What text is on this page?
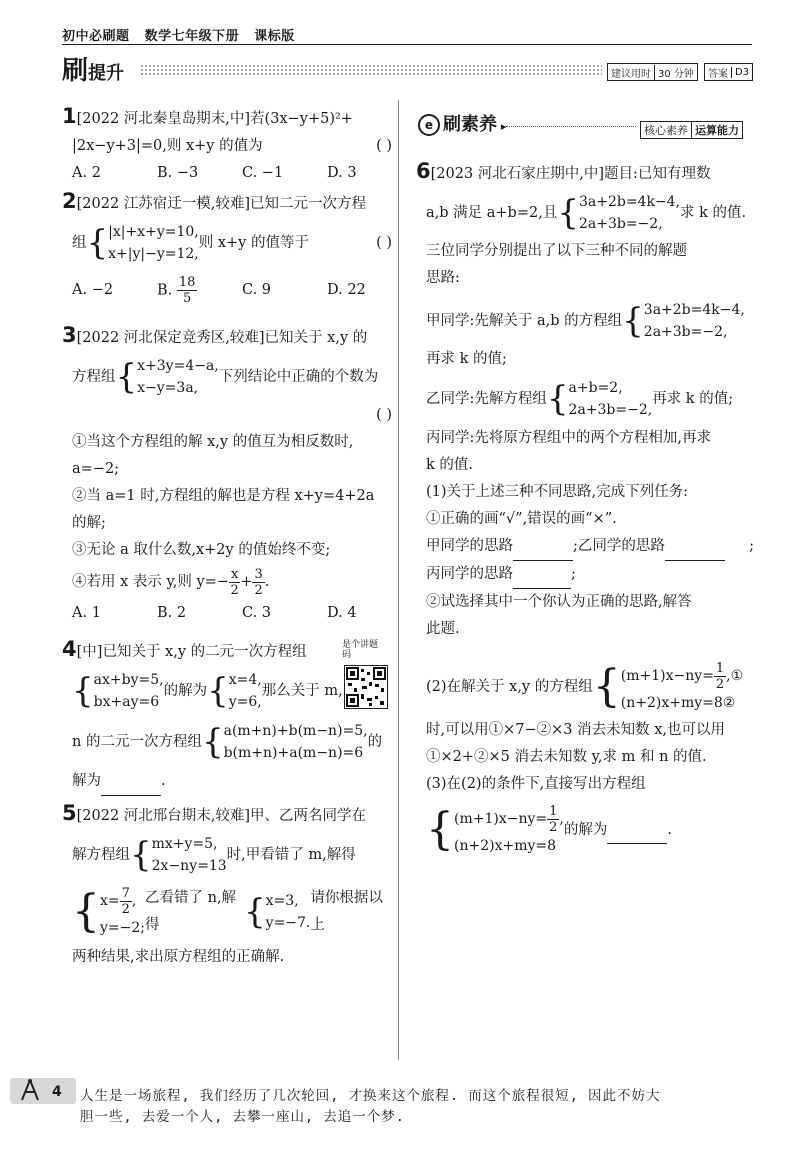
初中必刷题 数学七年级下册 课标版
刷提升	建议用时 30 分钟	答案 D3
1[2022 河北秦皇岛期末,中]若(3x−y+5)²+
|2x−y+3|=0,则 x+y 的值为	( )
A. 2	B. −3	C. −1	D. 3
2[2022 江苏宿迁一模,较难]已知二元一次方程
组 { |x|+x+y=10,
x+|y|−y=12,
则 x+y 的值等于	( )
A. −2	B. $\frac{18}{5}$	C. 9	D. 22
3[2022 河北保定竞秀区,较难]已知关于 x,y 的
方程组 { x+3y=4−a,
x−y=3a,
下列结论中正确的个数为
( )
①当这个方程组的解 x,y 的值互为相反数时,
a=−2;
②当 a=1 时,方程组的解也是方程 x+y=4+2a
的解;
③无论 a 取什么数,x+2y 的值始终不变;
④若用 x 表示 y,则 $y=- \frac{x}{2} + \frac{3}{2}$ .
A. 1	B. 2	C. 3	D. 4
是个讲题码
4[中]已知关于 x,y 的二元一次方程组
{ ax+by=5,
bx+ay=6
的解为 { x=4,
y=6,
那么关于 m,
n 的二元一次方程组 { a(m+n)+b(m−n)=5,
b(m+n)+a(m−n)=6
的
解为	.
5[2022 河北邢台期末,较难]甲、乙两名同学在
解方程组 { mx+y=5,
2x−ny=13
时,甲看错了 m,解得
{ $x= \frac{7}{2}$ ,
y=−2;
乙看错了 n,解得	{ x=3,
y=−7.
请你根据以上
两种结果,求出原方程组的正确解.
e 刷素养 ▸	核心素养 运算能力
6[2023 河北石家庄期中,中]题目:已知有理数
a,b 满足 a+b=2,且 { 3a+2b=4k−4,
2a+3b=−2,
求 k 的值.
三位同学分别提出了以下三种不同的解题
思路:
甲同学:先解关于 a,b 的方程组 { 3a+2b=4k−4,
2a+3b=−2,
再求 k 的值;
乙同学:先解方程组 { a+b=2,
2a+3b=−2,
再求 k 的值;
丙同学:先将原方程组中的两个方程相加,再求
k 的值.
(1)关于上述三种不同思路,完成下列任务:
①正确的画“√”,错误的画“×”.
甲同学的思路
	;乙同学的思路
	;
丙同学的思路	;
②试选择其中一个你认为正确的思路,解答
此题.
(2)在解关于 x,y 的方程组 { $(m+1)x-ny= \frac{1}{2}$ ,①
(n+2)x+my=8②
时,可以用①×7−②×3 消去未知数 x,也可以用
①×2+②×5 消去未知数 y,求 m 和 n 的值.
(3)在(2)的条件下,直接写出方程组
{ $(m+1)x-ny= \frac{1}{2}$ ,
(n+2)x+my=8
的解为
	.
4 人生是一场旅程, 我们经历了几次轮回, 才换来这个旅程. 而这个旅程很短, 因此不妨大
胆一些, 去爱一个人, 去攀一座山, 去追一个梦.
